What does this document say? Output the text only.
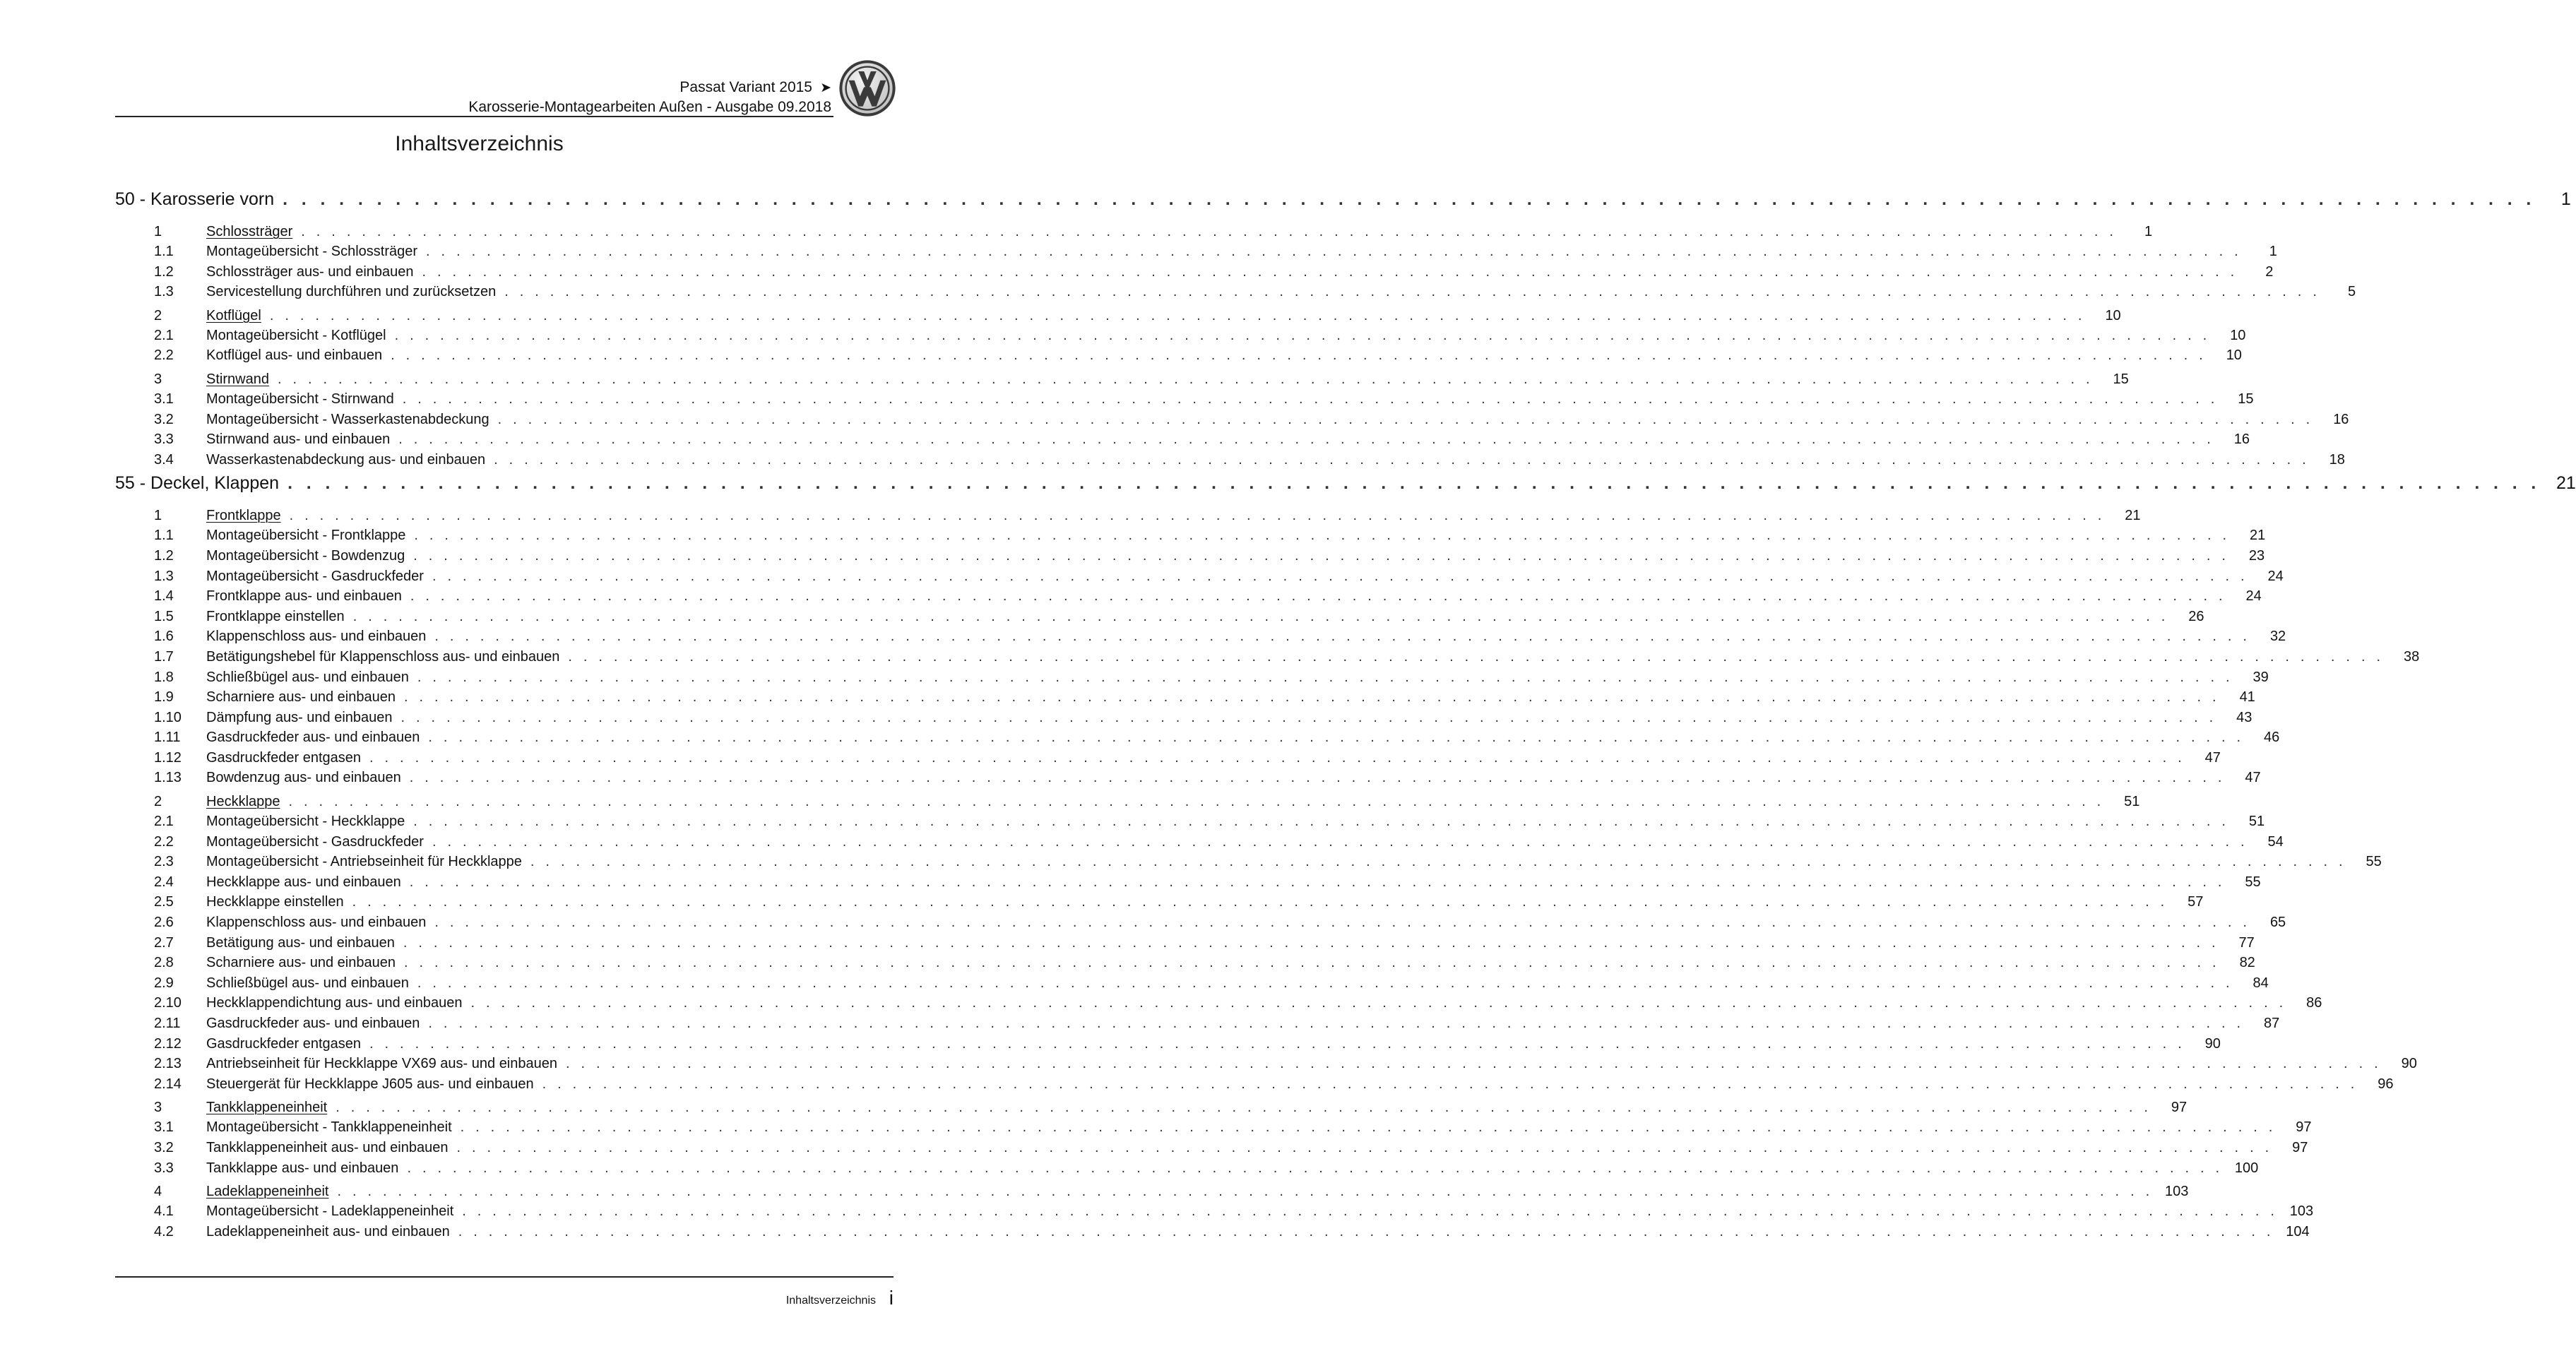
Passat Variant 2015 ➤
Karosserie-Montagearbeiten Außen - Ausgabe 09.2018
Inhaltsverzeichnis
50 - Karosserie vorn . . . . . . . . . . . . . . . . . . . . . . . . . . . . . . . . . . . . . . . . . . . . . . . . . . . . . . . . . . . . . . . . . . . . . . . . . . . . . . . . . . . . . . . . . . . . . . . . . . . . . . . . . . . . . . . . . . . . . . . .	1
1	Schlossträger . . . . . . . . . . . . . . . . . . . . . . . . . . . . . . . . . . . . . . . . . . . . . . . . . . . . . . . . . . . . . . . . . . . . . . . . . . . . . . . . . . . . . . . . . . . . . . . . . . . . . . . . . . . . . . . . . . . . . . . .	1
1.1	Montageübersicht - Schlossträger . . . . . . . . . . . . . . . . . . . . . . . . . . . . . . . . . . . . . . . . . . . . . . . . . . . . . . . . . . . . . . . . . . . . . . . . . . . . . . . . . . . . . . . . . . . . . . . . . . . . . . . . . . . . . . . . . . . . . . . .	1
1.2	Schlossträger aus- und einbauen . . . . . . . . . . . . . . . . . . . . . . . . . . . . . . . . . . . . . . . . . . . . . . . . . . . . . . . . . . . . . . . . . . . . . . . . . . . . . . . . . . . . . . . . . . . . . . . . . . . . . . . . . . . . . . . . . . . . . . . .	2
1.3	Servicestellung durchführen und zurücksetzen . . . . . . . . . . . . . . . . . . . . . . . . . . . . . . . . . . . . . . . . . . . . . . . . . . . . . . . . . . . . . . . . . . . . . . . . . . . . . . . . . . . . . . . . . . . . . . . . . . . . . . . . . . . . . . . . . . . . . . . .	5
2	Kotflügel . . . . . . . . . . . . . . . . . . . . . . . . . . . . . . . . . . . . . . . . . . . . . . . . . . . . . . . . . . . . . . . . . . . . . . . . . . . . . . . . . . . . . . . . . . . . . . . . . . . . . . . . . . . . . . . . . . . . . . . .	10
2.1	Montageübersicht - Kotflügel . . . . . . . . . . . . . . . . . . . . . . . . . . . . . . . . . . . . . . . . . . . . . . . . . . . . . . . . . . . . . . . . . . . . . . . . . . . . . . . . . . . . . . . . . . . . . . . . . . . . . . . . . . . . . . . . . . . . . . . .	10
2.2	Kotflügel aus- und einbauen . . . . . . . . . . . . . . . . . . . . . . . . . . . . . . . . . . . . . . . . . . . . . . . . . . . . . . . . . . . . . . . . . . . . . . . . . . . . . . . . . . . . . . . . . . . . . . . . . . . . . . . . . . . . . . . . . . . . . . . .	10
3	Stirnwand . . . . . . . . . . . . . . . . . . . . . . . . . . . . . . . . . . . . . . . . . . . . . . . . . . . . . . . . . . . . . . . . . . . . . . . . . . . . . . . . . . . . . . . . . . . . . . . . . . . . . . . . . . . . . . . . . . . . . . . .	15
3.1	Montageübersicht - Stirnwand . . . . . . . . . . . . . . . . . . . . . . . . . . . . . . . . . . . . . . . . . . . . . . . . . . . . . . . . . . . . . . . . . . . . . . . . . . . . . . . . . . . . . . . . . . . . . . . . . . . . . . . . . . . . . . . . . . . . . . . .	15
3.2	Montageübersicht - Wasserkastenabdeckung . . . . . . . . . . . . . . . . . . . . . . . . . . . . . . . . . . . . . . . . . . . . . . . . . . . . . . . . . . . . . . . . . . . . . . . . . . . . . . . . . . . . . . . . . . . . . . . . . . . . . . . . . . . . . . . . . . . . . . . .	16
3.3	Stirnwand aus- und einbauen . . . . . . . . . . . . . . . . . . . . . . . . . . . . . . . . . . . . . . . . . . . . . . . . . . . . . . . . . . . . . . . . . . . . . . . . . . . . . . . . . . . . . . . . . . . . . . . . . . . . . . . . . . . . . . . . . . . . . . . .	16
3.4	Wasserkastenabdeckung aus- und einbauen . . . . . . . . . . . . . . . . . . . . . . . . . . . . . . . . . . . . . . . . . . . . . . . . . . . . . . . . . . . . . . . . . . . . . . . . . . . . . . . . . . . . . . . . . . . . . . . . . . . . . . . . . . . . . . . . . . . . . . . .	18
55 - Deckel, Klappen . . . . . . . . . . . . . . . . . . . . . . . . . . . . . . . . . . . . . . . . . . . . . . . . . . . . . . . . . . . . . . . . . . . . . . . . . . . . . . . . . . . . . . . . . . . . . . . . . . . . . . . . . . . . . . . . . . . . . . . . 21
1	Frontklappe . . . . . . . . . . . . . . . . . . . . . . . . . . . . . . . . . . . . . . . . . . . . . . . . . . . . . . . . . . . . . . . . . . . . . . . . . . . . . . . . . . . . . . . . . . . . . . . . . . . . . . . . . . . . . . . . . . . . . . . .	21
1.1	Montageübersicht - Frontklappe . . . . . . . . . . . . . . . . . . . . . . . . . . . . . . . . . . . . . . . . . . . . . . . . . . . . . . . . . . . . . . . . . . . . . . . . . . . . . . . . . . . . . . . . . . . . . . . . . . . . . . . . . . . . . . . . . . . . . . . .	21
1.2	Montageübersicht - Bowdenzug . . . . . . . . . . . . . . . . . . . . . . . . . . . . . . . . . . . . . . . . . . . . . . . . . . . . . . . . . . . . . . . . . . . . . . . . . . . . . . . . . . . . . . . . . . . . . . . . . . . . . . . . . . . . . . . . . . . . . . . .	23
1.3	Montageübersicht - Gasdruckfeder . . . . . . . . . . . . . . . . . . . . . . . . . . . . . . . . . . . . . . . . . . . . . . . . . . . . . . . . . . . . . . . . . . . . . . . . . . . . . . . . . . . . . . . . . . . . . . . . . . . . . . . . . . . . . . . . . . . . . . . .	24
1.4	Frontklappe aus- und einbauen . . . . . . . . . . . . . . . . . . . . . . . . . . . . . . . . . . . . . . . . . . . . . . . . . . . . . . . . . . . . . . . . . . . . . . . . . . . . . . . . . . . . . . . . . . . . . . . . . . . . . . . . . . . . . . . . . . . . . . . .	24
1.5	Frontklappe einstellen . . . . . . . . . . . . . . . . . . . . . . . . . . . . . . . . . . . . . . . . . . . . . . . . . . . . . . . . . . . . . . . . . . . . . . . . . . . . . . . . . . . . . . . . . . . . . . . . . . . . . . . . . . . . . . . . . . . . . . . .	26
1.6	Klappenschloss aus- und einbauen . . . . . . . . . . . . . . . . . . . . . . . . . . . . . . . . . . . . . . . . . . . . . . . . . . . . . . . . . . . . . . . . . . . . . . . . . . . . . . . . . . . . . . . . . . . . . . . . . . . . . . . . . . . . . . . . . . . . . . . .	32
1.7	Betätigungshebel für Klappenschloss aus- und einbauen . . . . . . . . . . . . . . . . . . . . . . . . . . . . . . . . . . . . . . . . . . . . . . . . . . . . . . . . . . . . . . . . . . . . . . . . . . . . . . . . . . . . . . . . . . . . . . . . . . . . . . . . . . . . . . . . . . . . . . . .	38
1.8	Schließbügel aus- und einbauen . . . . . . . . . . . . . . . . . . . . . . . . . . . . . . . . . . . . . . . . . . . . . . . . . . . . . . . . . . . . . . . . . . . . . . . . . . . . . . . . . . . . . . . . . . . . . . . . . . . . . . . . . . . . . . . . . . . . . . . .	39
1.9	Scharniere aus- und einbauen . . . . . . . . . . . . . . . . . . . . . . . . . . . . . . . . . . . . . . . . . . . . . . . . . . . . . . . . . . . . . . . . . . . . . . . . . . . . . . . . . . . . . . . . . . . . . . . . . . . . . . . . . . . . . . . . . . . . . . . .	41
1.10	Dämpfung aus- und einbauen . . . . . . . . . . . . . . . . . . . . . . . . . . . . . . . . . . . . . . . . . . . . . . . . . . . . . . . . . . . . . . . . . . . . . . . . . . . . . . . . . . . . . . . . . . . . . . . . . . . . . . . . . . . . . . . . . . . . . . . .	43
1.11	Gasdruckfeder aus- und einbauen . . . . . . . . . . . . . . . . . . . . . . . . . . . . . . . . . . . . . . . . . . . . . . . . . . . . . . . . . . . . . . . . . . . . . . . . . . . . . . . . . . . . . . . . . . . . . . . . . . . . . . . . . . . . . . . . . . . . . . . .	46
1.12	Gasdruckfeder entgasen . . . . . . . . . . . . . . . . . . . . . . . . . . . . . . . . . . . . . . . . . . . . . . . . . . . . . . . . . . . . . . . . . . . . . . . . . . . . . . . . . . . . . . . . . . . . . . . . . . . . . . . . . . . . . . . . . . . . . . . .	47
1.13	Bowdenzug aus- und einbauen . . . . . . . . . . . . . . . . . . . . . . . . . . . . . . . . . . . . . . . . . . . . . . . . . . . . . . . . . . . . . . . . . . . . . . . . . . . . . . . . . . . . . . . . . . . . . . . . . . . . . . . . . . . . . . . . . . . . . . . .	47
2	Heckklappe . . . . . . . . . . . . . . . . . . . . . . . . . . . . . . . . . . . . . . . . . . . . . . . . . . . . . . . . . . . . . . . . . . . . . . . . . . . . . . . . . . . . . . . . . . . . . . . . . . . . . . . . . . . . . . . . . . . . . . . .	51
2.1	Montageübersicht - Heckklappe . . . . . . . . . . . . . . . . . . . . . . . . . . . . . . . . . . . . . . . . . . . . . . . . . . . . . . . . . . . . . . . . . . . . . . . . . . . . . . . . . . . . . . . . . . . . . . . . . . . . . . . . . . . . . . . . . . . . . . . .	51
2.2	Montageübersicht - Gasdruckfeder . . . . . . . . . . . . . . . . . . . . . . . . . . . . . . . . . . . . . . . . . . . . . . . . . . . . . . . . . . . . . . . . . . . . . . . . . . . . . . . . . . . . . . . . . . . . . . . . . . . . . . . . . . . . . . . . . . . . . . . .	54
2.3	Montageübersicht - Antriebseinheit für Heckklappe . . . . . . . . . . . . . . . . . . . . . . . . . . . . . . . . . . . . . . . . . . . . . . . . . . . . . . . . . . . . . . . . . . . . . . . . . . . . . . . . . . . . . . . . . . . . . . . . . . . . . . . . . . . . . . . . . . . . . . . .	55
2.4	Heckklappe aus- und einbauen . . . . . . . . . . . . . . . . . . . . . . . . . . . . . . . . . . . . . . . . . . . . . . . . . . . . . . . . . . . . . . . . . . . . . . . . . . . . . . . . . . . . . . . . . . . . . . . . . . . . . . . . . . . . . . . . . . . . . . . .	55
2.5	Heckklappe einstellen . . . . . . . . . . . . . . . . . . . . . . . . . . . . . . . . . . . . . . . . . . . . . . . . . . . . . . . . . . . . . . . . . . . . . . . . . . . . . . . . . . . . . . . . . . . . . . . . . . . . . . . . . . . . . . . . . . . . . . . .	57
2.6	Klappenschloss aus- und einbauen . . . . . . . . . . . . . . . . . . . . . . . . . . . . . . . . . . . . . . . . . . . . . . . . . . . . . . . . . . . . . . . . . . . . . . . . . . . . . . . . . . . . . . . . . . . . . . . . . . . . . . . . . . . . . . . . . . . . . . . .	65
2.7	Betätigung aus- und einbauen . . . . . . . . . . . . . . . . . . . . . . . . . . . . . . . . . . . . . . . . . . . . . . . . . . . . . . . . . . . . . . . . . . . . . . . . . . . . . . . . . . . . . . . . . . . . . . . . . . . . . . . . . . . . . . . . . . . . . . . .	77
2.8	Scharniere aus- und einbauen . . . . . . . . . . . . . . . . . . . . . . . . . . . . . . . . . . . . . . . . . . . . . . . . . . . . . . . . . . . . . . . . . . . . . . . . . . . . . . . . . . . . . . . . . . . . . . . . . . . . . . . . . . . . . . . . . . . . . . . .	82
2.9	Schließbügel aus- und einbauen . . . . . . . . . . . . . . . . . . . . . . . . . . . . . . . . . . . . . . . . . . . . . . . . . . . . . . . . . . . . . . . . . . . . . . . . . . . . . . . . . . . . . . . . . . . . . . . . . . . . . . . . . . . . . . . . . . . . . . . .	84
2.10	Heckklappendichtung aus- und einbauen . . . . . . . . . . . . . . . . . . . . . . . . . . . . . . . . . . . . . . . . . . . . . . . . . . . . . . . . . . . . . . . . . . . . . . . . . . . . . . . . . . . . . . . . . . . . . . . . . . . . . . . . . . . . . . . . . . . . . . . .	86
2.11	Gasdruckfeder aus- und einbauen . . . . . . . . . . . . . . . . . . . . . . . . . . . . . . . . . . . . . . . . . . . . . . . . . . . . . . . . . . . . . . . . . . . . . . . . . . . . . . . . . . . . . . . . . . . . . . . . . . . . . . . . . . . . . . . . . . . . . . . .	87
2.12	Gasdruckfeder entgasen . . . . . . . . . . . . . . . . . . . . . . . . . . . . . . . . . . . . . . . . . . . . . . . . . . . . . . . . . . . . . . . . . . . . . . . . . . . . . . . . . . . . . . . . . . . . . . . . . . . . . . . . . . . . . . . . . . . . . . . .	90
2.13	Antriebseinheit für Heckklappe VX69 aus- und einbauen . . . . . . . . . . . . . . . . . . . . . . . . . . . . . . . . . . . . . . . . . . . . . . . . . . . . . . . . . . . . . . . . . . . . . . . . . . . . . . . . . . . . . . . . . . . . . . . . . . . . . . . . . . . . . . . . . . . . . . . .	90
2.14	Steuergerät für Heckklappe J605 aus- und einbauen . . . . . . . . . . . . . . . . . . . . . . . . . . . . . . . . . . . . . . . . . . . . . . . . . . . . . . . . . . . . . . . . . . . . . . . . . . . . . . . . . . . . . . . . . . . . . . . . . . . . . . . . . . . . . . . . . . . . . . . .	96
3	Tankklappeneinheit . . . . . . . . . . . . . . . . . . . . . . . . . . . . . . . . . . . . . . . . . . . . . . . . . . . . . . . . . . . . . . . . . . . . . . . . . . . . . . . . . . . . . . . . . . . . . . . . . . . . . . . . . . . . . . . . . . . . . . . .	97
3.1	Montageübersicht - Tankklappeneinheit . . . . . . . . . . . . . . . . . . . . . . . . . . . . . . . . . . . . . . . . . . . . . . . . . . . . . . . . . . . . . . . . . . . . . . . . . . . . . . . . . . . . . . . . . . . . . . . . . . . . . . . . . . . . . . . . . . . . . . . .	97
3.2	Tankklappeneinheit aus- und einbauen . . . . . . . . . . . . . . . . . . . . . . . . . . . . . . . . . . . . . . . . . . . . . . . . . . . . . . . . . . . . . . . . . . . . . . . . . . . . . . . . . . . . . . . . . . . . . . . . . . . . . . . . . . . . . . . . . . . . . . . .	97
3.3	Tankklappe aus- und einbauen . . . . . . . . . . . . . . . . . . . . . . . . . . . . . . . . . . . . . . . . . . . . . . . . . . . . . . . . . . . . . . . . . . . . . . . . . . . . . . . . . . . . . . . . . . . . . . . . . . . . . . . . . . . . . . . . . . . . . . . . 100
4	Ladeklappeneinheit . . . . . . . . . . . . . . . . . . . . . . . . . . . . . . . . . . . . . . . . . . . . . . . . . . . . . . . . . . . . . . . . . . . . . . . . . . . . . . . . . . . . . . . . . . . . . . . . . . . . . . . . . . . . . . . . . . . . . . . . 103
4.1	Montageübersicht - Ladeklappeneinheit . . . . . . . . . . . . . . . . . . . . . . . . . . . . . . . . . . . . . . . . . . . . . . . . . . . . . . . . . . . . . . . . . . . . . . . . . . . . . . . . . . . . . . . . . . . . . . . . . . . . . . . . . . . . . . . . . . . . . . . . 103
4.2	Ladeklappeneinheit aus- und einbauen . . . . . . . . . . . . . . . . . . . . . . . . . . . . . . . . . . . . . . . . . . . . . . . . . . . . . . . . . . . . . . . . . . . . . . . . . . . . . . . . . . . . . . . . . . . . . . . . . . . . . . . . . . . . . . . . . . . . . . . . 104
Inhaltsverzeichnis i
